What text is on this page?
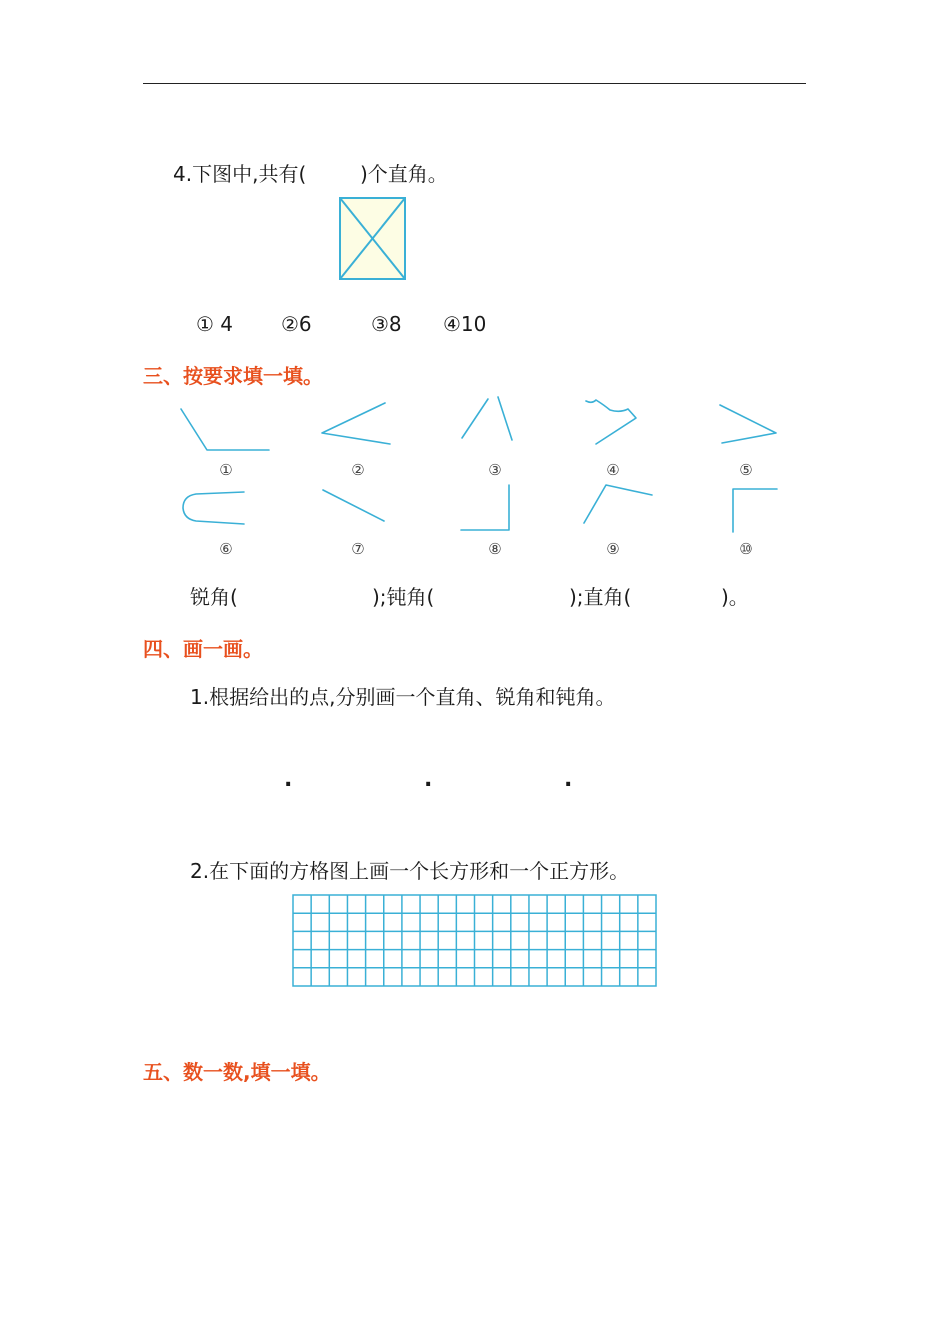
4.下图中,共有(	)个直角。
① 4 ②6	③8 ④10
三、按要求填一填。
①	②	③	④	⑤
⑥	⑦	⑧	⑨	⑩
锐角(	);钝角(	);直角(	)。
四、画一画。
1.根据给出的点,分别画一个直角、锐角和钝角。
.	.	.
2.在下面的方格图上画一个长方形和一个正方形。
五、数一数,填一填。
